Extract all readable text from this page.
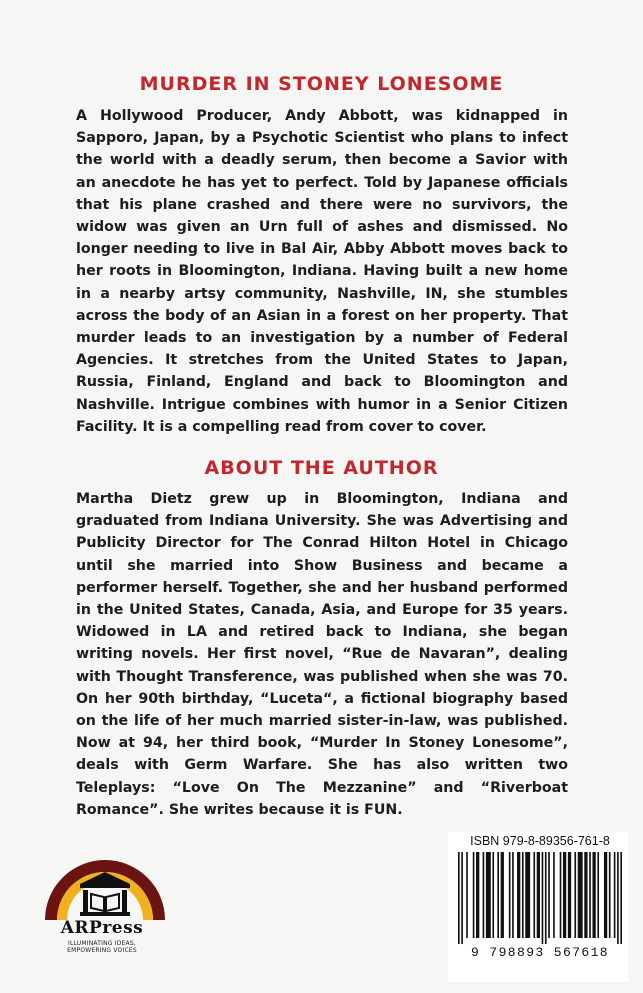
MURDER IN STONEY LONESOME

A Hollywood Producer, Andy Abbott, was kidnapped in Sapporo, Japan, by a Psychotic Scientist who plans to infect the world with a deadly serum, then become a Savior with an anecdote he has yet to perfect. Told by Japanese officials that his plane crashed and there were no survivors, the widow was given an Urn full of ashes and dismissed. No longer needing to live in Bal Air, Abby Abbott moves back to her roots in Bloomington, Indiana. Having built a new home in a nearby artsy community, Nashville, IN, she stumbles across the body of an Asian in a forest on her property. That murder leads to an investigation by a number of Federal Agencies. It stretches from the United States to Japan, Russia, Finland, England and back to Bloomington and Nashville. Intrigue combines with humor in a Senior Citizen Facility. It is a compelling read from cover to cover.

ABOUT THE AUTHOR

Martha Dietz grew up in Bloomington, Indiana and graduated from Indiana University. She was Advertising and Publicity Director for The Conrad Hilton Hotel in Chicago until she married into Show Business and became a performer herself. Together, she and her husband performed in the United States, Canada, Asia, and Europe for 35 years. Widowed in LA and retired back to Indiana, she began writing novels. Her first novel, “Rue de Navaran”, dealing with Thought Transference, was published when she was 70. On her 90th birthday, “Luceta“, a fictional biography based on the life of her much married sister-in-law, was published. Now at 94, her third book, “Murder In Stoney Lonesome”, deals with Germ Warfare. She has also written two Teleplays: “Love On The Mezzanine” and “Riverboat Romance”. She writes because it is FUN.

ARPress
ILLUMINATING IDEAS,
EMPOWERING VOICES
ISBN 979-8-89356-761-8
9 798893 567618
